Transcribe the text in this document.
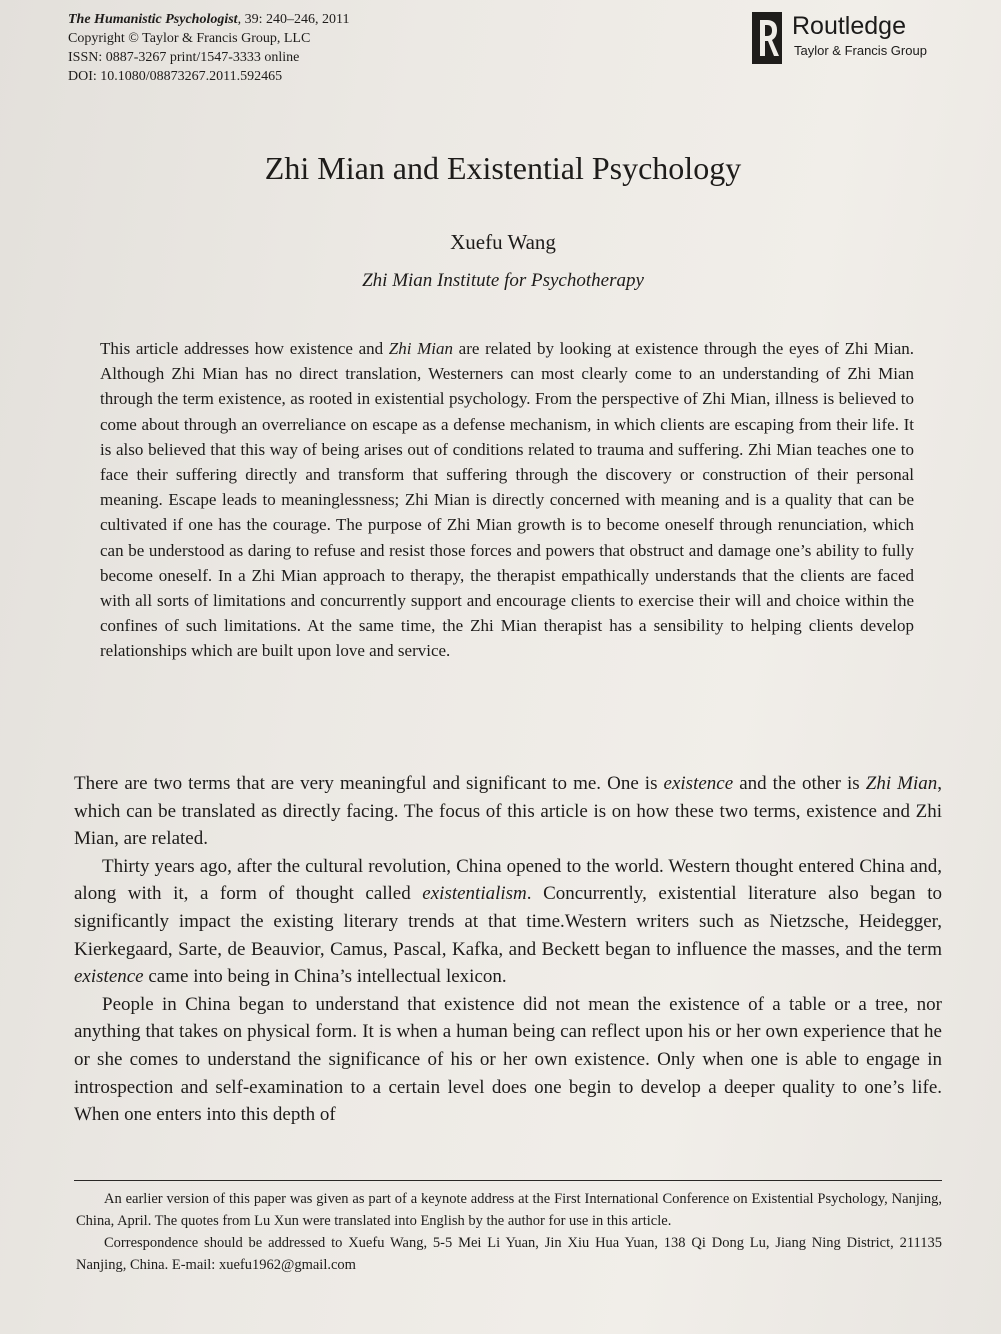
The Humanistic Psychologist, 39: 240–246, 2011
Copyright © Taylor & Francis Group, LLC
ISSN: 0887-3267 print/1547-3333 online
DOI: 10.1080/08873267.2011.592465
Routledge
Taylor & Francis Group
Zhi Mian and Existential Psychology
Xuefu Wang
Zhi Mian Institute for Psychotherapy

This article addresses how existence and Zhi Mian are related by looking at existence through the eyes of Zhi Mian. Although Zhi Mian has no direct translation, Westerners can most clearly come to an understanding of Zhi Mian through the term existence, as rooted in existential psychology. From the perspective of Zhi Mian, illness is believed to come about through an overreliance on escape as a defense mechanism, in which clients are escaping from their life. It is also believed that this way of being arises out of conditions related to trauma and suffering. Zhi Mian teaches one to face their suffering directly and transform that suffering through the discovery or construction of their personal meaning. Escape leads to meaninglessness; Zhi Mian is directly concerned with meaning and is a quality that can be cultivated if one has the courage. The purpose of Zhi Mian growth is to become oneself through renunciation, which can be understood as daring to refuse and resist those forces and powers that obstruct and damage one’s ability to fully become oneself. In a Zhi Mian approach to therapy, the therapist empathically understands that the clients are faced with all sorts of limitations and concurrently support and encourage clients to exercise their will and choice within the confines of such limitations. At the same time, the Zhi Mian therapist has a sensibility to helping clients develop relationships which are built upon love and service.

There are two terms that are very meaningful and significant to me. One is existence and the other is Zhi Mian, which can be translated as directly facing. The focus of this article is on how these two terms, existence and Zhi Mian, are related.

Thirty years ago, after the cultural revolution, China opened to the world. Western thought entered China and, along with it, a form of thought called existentialism. Concurrently, existential literature also began to significantly impact the existing literary trends at that time.Western writers such as Nietzsche, Heidegger, Kierkegaard, Sarte, de Beauvior, Camus, Pascal, Kafka, and Beckett began to influence the masses, and the term existence came into being in China’s intellectual lexicon.

People in China began to understand that existence did not mean the existence of a table or a tree, nor anything that takes on physical form. It is when a human being can reflect upon his or her own experience that he or she comes to understand the significance of his or her own existence. Only when one is able to engage in introspection and self-examination to a certain level does one begin to develop a deeper quality to one’s life. When one enters into this depth of

An earlier version of this paper was given as part of a keynote address at the First International Conference on Existential Psychology, Nanjing, China, April. The quotes from Lu Xun were translated into English by the author for use in this article.

Correspondence should be addressed to Xuefu Wang, 5-5 Mei Li Yuan, Jin Xiu Hua Yuan, 138 Qi Dong Lu, Jiang Ning District, 211135 Nanjing, China. E-mail: xuefu1962@gmail.com
